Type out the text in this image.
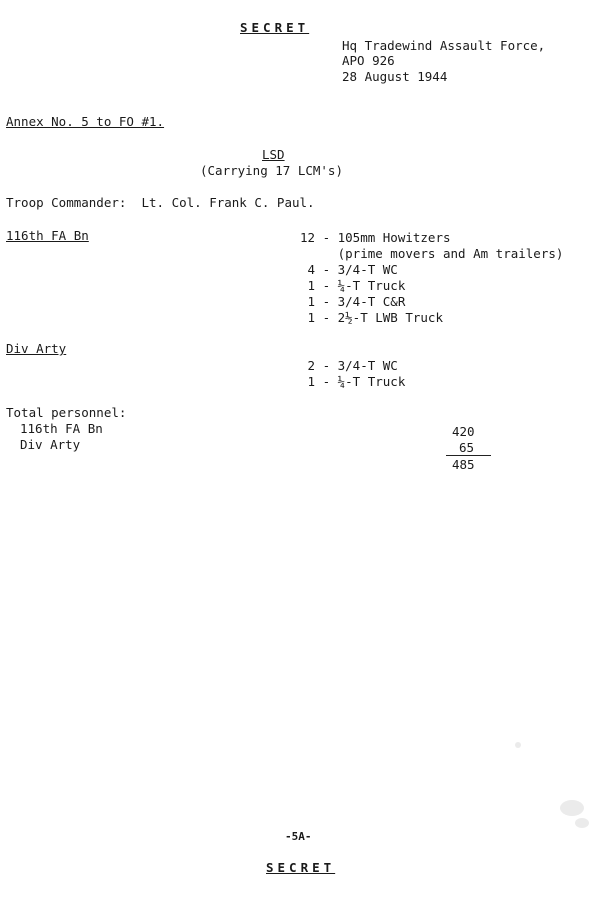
SECRET
Hq Tradewind Assault Force,
APO 926
28 August 1944
Annex No. 5 to FO #1.
LSD
(Carrying 17 LCM's)
Troop Commander:  Lt. Col. Frank C. Paul.
116th FA Bn	12 - 105mm Howitzers
(prime movers and Am trailers)
4 - 3/4-T WC
1 - ¼-T Truck
1 - 3/4-T C&R
1 - 2½-T LWB Truck
Div Arty
2 - 3/4-T WC
1 - ¼-T Truck
Total personnel:
116th FA Bn
Div Arty
420
65
485
-5A-
SECRET
